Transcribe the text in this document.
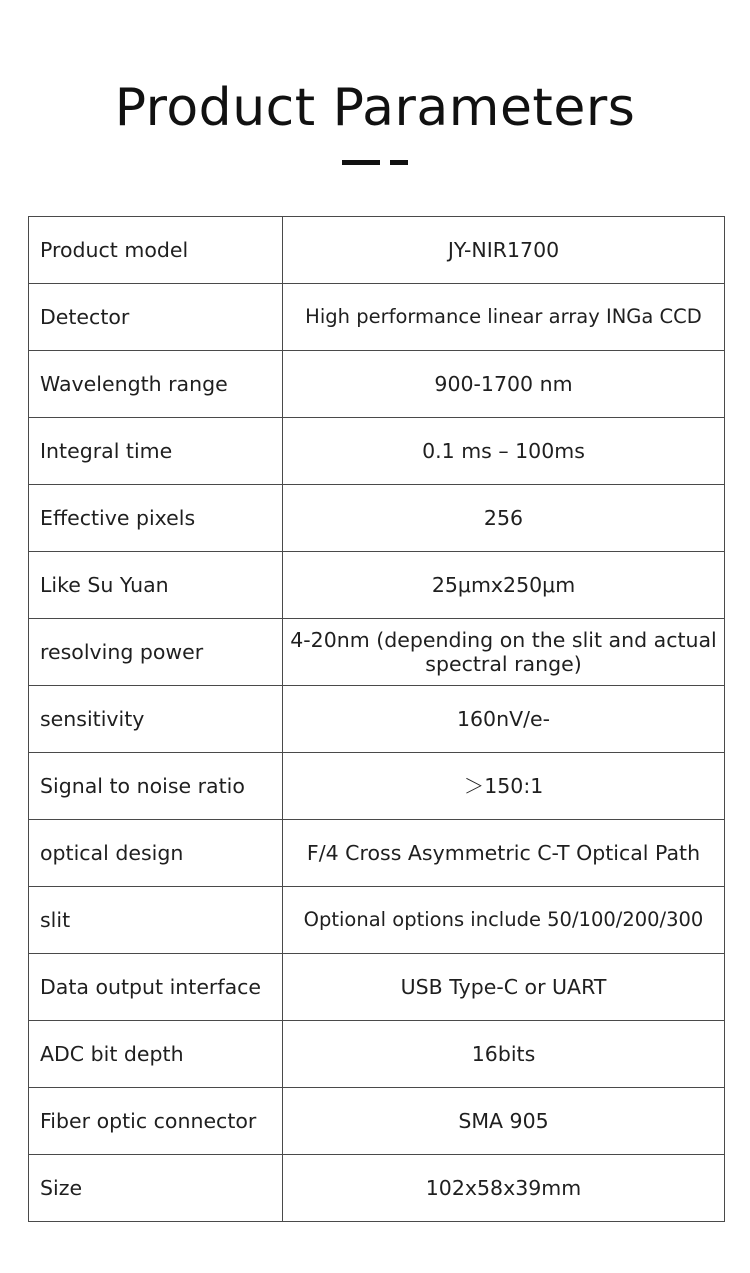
Product Parameters
Product model	JY-NIR1700
Detector	High performance linear array INGa CCD
Wavelength range	900-1700 nm
Integral time	0.1 ms – 100ms
Effective pixels	256
Like Su Yuan	25μmx250μm
resolving power	4-20nm (depending on the slit and actual spectral range)
sensitivity	160nV/e-
Signal to noise ratio	＞150:1
optical design	F/4 Cross Asymmetric C-T Optical Path
slit	Optional options include 50/100/200/300
Data output interface	USB Type-C or UART
ADC bit depth	16bits
Fiber optic connector	SMA 905
Size	102x58x39mm
